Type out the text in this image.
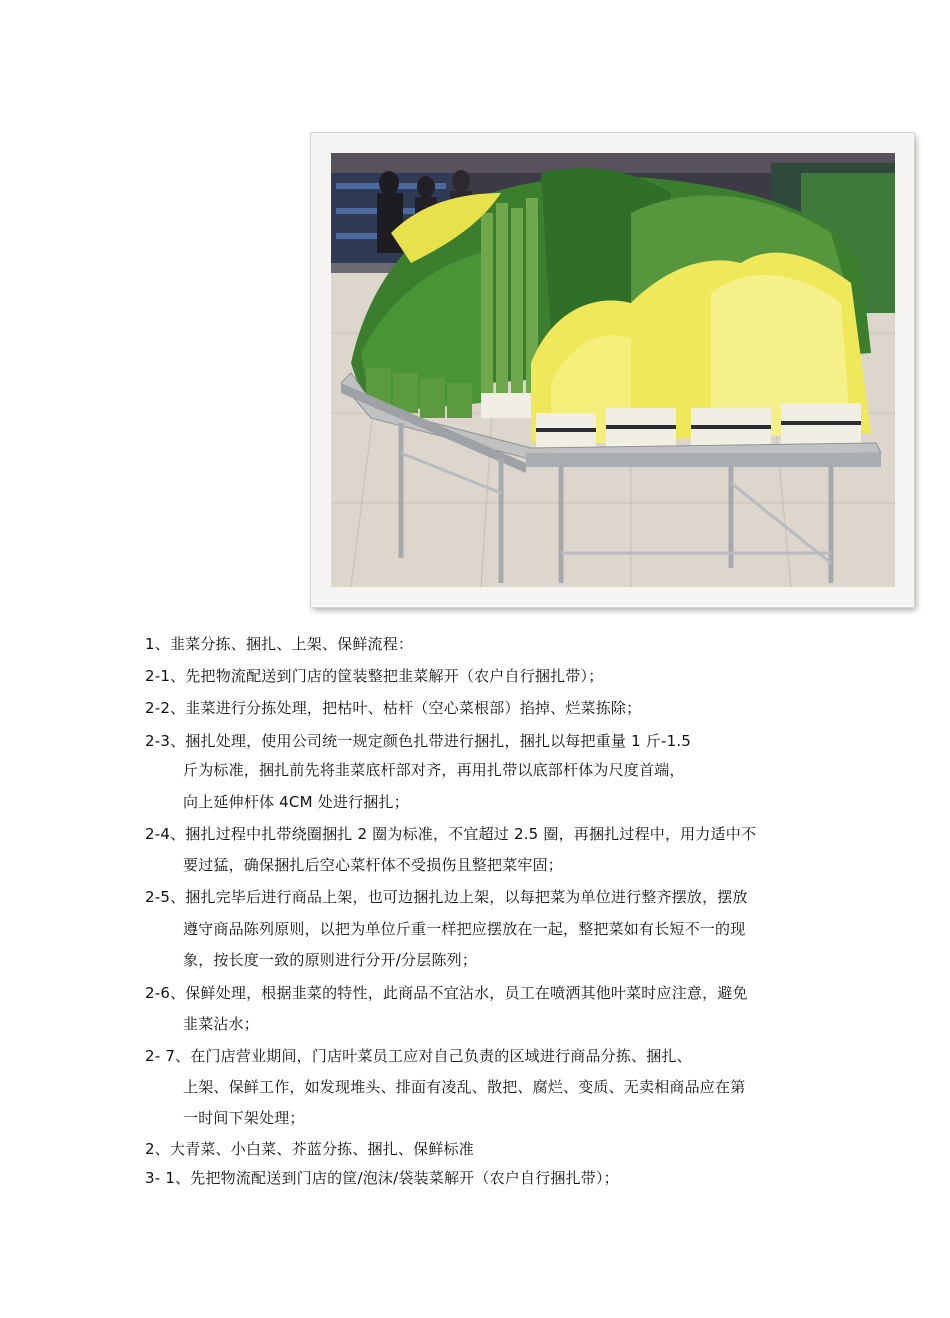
1、韭菜分拣、捆扎、上架、保鲜流程：
2-1、先把物流配送到门店的筐装整把韭菜解开（农户自行捆扎带）；
2-2、韭菜进行分拣处理，把枯叶、枯杆（空心菜根部）掐掉、烂菜拣除；
2-3、捆扎处理，使用公司统一规定颜色扎带进行捆扎，捆扎以每把重量 1 斤-1.5
斤为标准，捆扎前先将韭菜底杆部对齐，再用扎带以底部杆体为尺度首端，
向上延伸杆体 4CM 处进行捆扎；
2-4、捆扎过程中扎带绕圈捆扎 2 圈为标准，不宜超过 2.5 圈，再捆扎过程中，用力适中不
要过猛，确保捆扎后空心菜杆体不受损伤且整把菜牢固；
2-5、捆扎完毕后进行商品上架，也可边捆扎边上架，以每把菜为单位进行整齐摆放，摆放
遵守商品陈列原则，以把为单位斤重一样把应摆放在一起，整把菜如有长短不一的现
象，按长度一致的原则进行分开/分层陈列；
2-6、保鲜处理，根据韭菜的特性，此商品不宜沾水，员工在喷洒其他叶菜时应注意，避免
韭菜沾水；
2- 7、在门店营业期间，门店叶菜员工应对自己负责的区域进行商品分拣、捆扎、
上架、保鲜工作，如发现堆头、排面有凌乱、散把、腐烂、变质、无卖相商品应在第
一时间下架处理；
2、大青菜、小白菜、芥蓝分拣、捆扎、保鲜标准
3- 1、先把物流配送到门店的筐/泡沫/袋装菜解开（农户自行捆扎带）；
